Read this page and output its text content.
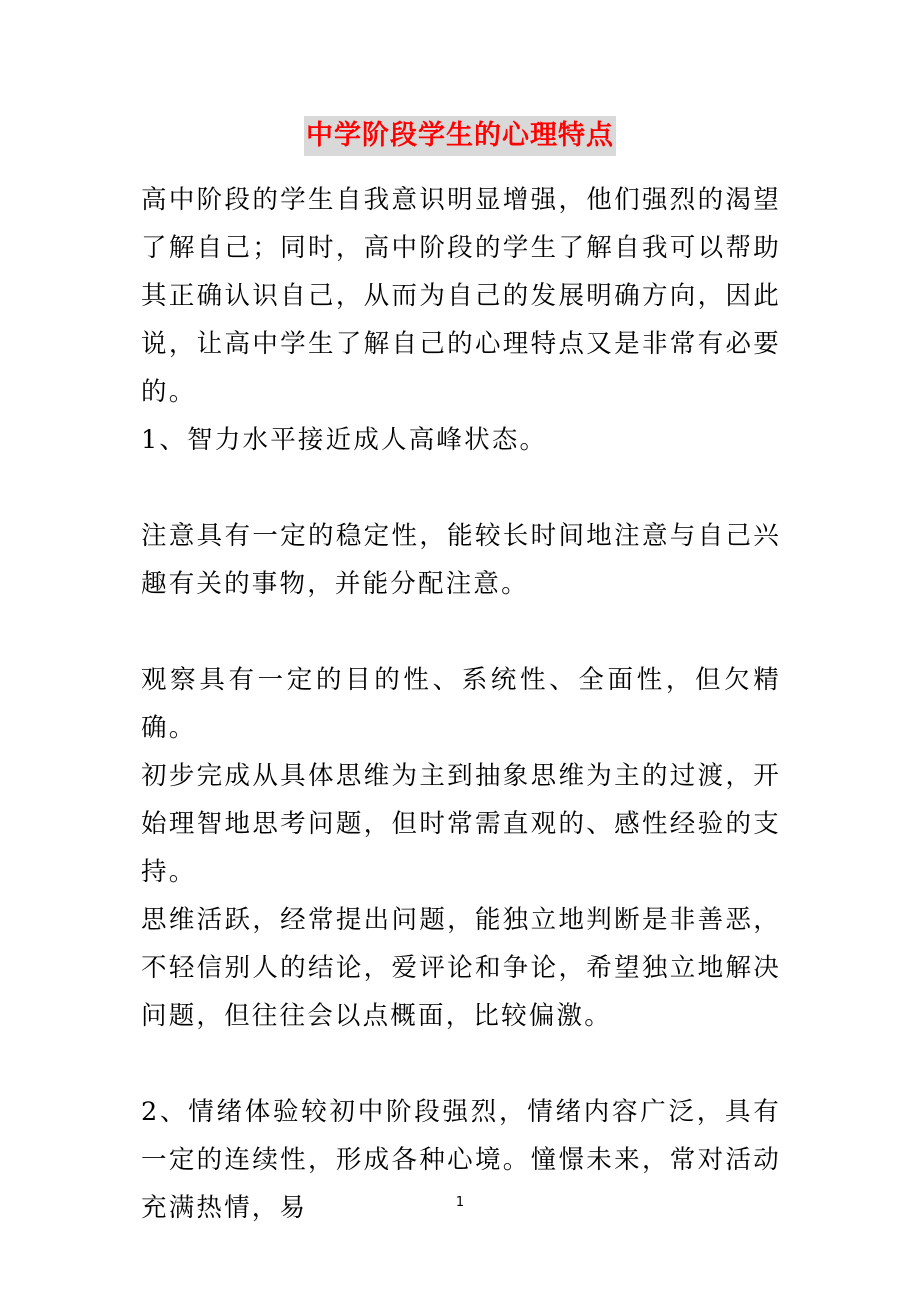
中学阶段学生的心理特点

高中阶段的学生自我意识明显增强，他们强烈的渴望了解自己；同时，高中阶段的学生了解自我可以帮助其正确认识自己，从而为自己的发展明确方向，因此说，让高中学生了解自己的心理特点又是非常有必要的。

1、智力水平接近成人高峰状态。

注意具有一定的稳定性，能较长时间地注意与自己兴趣有关的事物，并能分配注意。

观察具有一定的目的性、系统性、全面性，但欠精确。

初步完成从具体思维为主到抽象思维为主的过渡，开始理智地思考问题，但时常需直观的、感性经验的支持。

思维活跃，经常提出问题，能独立地判断是非善恶，不轻信别人的结论，爱评论和争论，希望独立地解决问题，但往往会以点概面，比较偏激。

2、情绪体验较初中阶段强烈，情绪内容广泛，具有一定的连续性，形成各种心境。憧憬未来，常对活动充满热情，易	1
